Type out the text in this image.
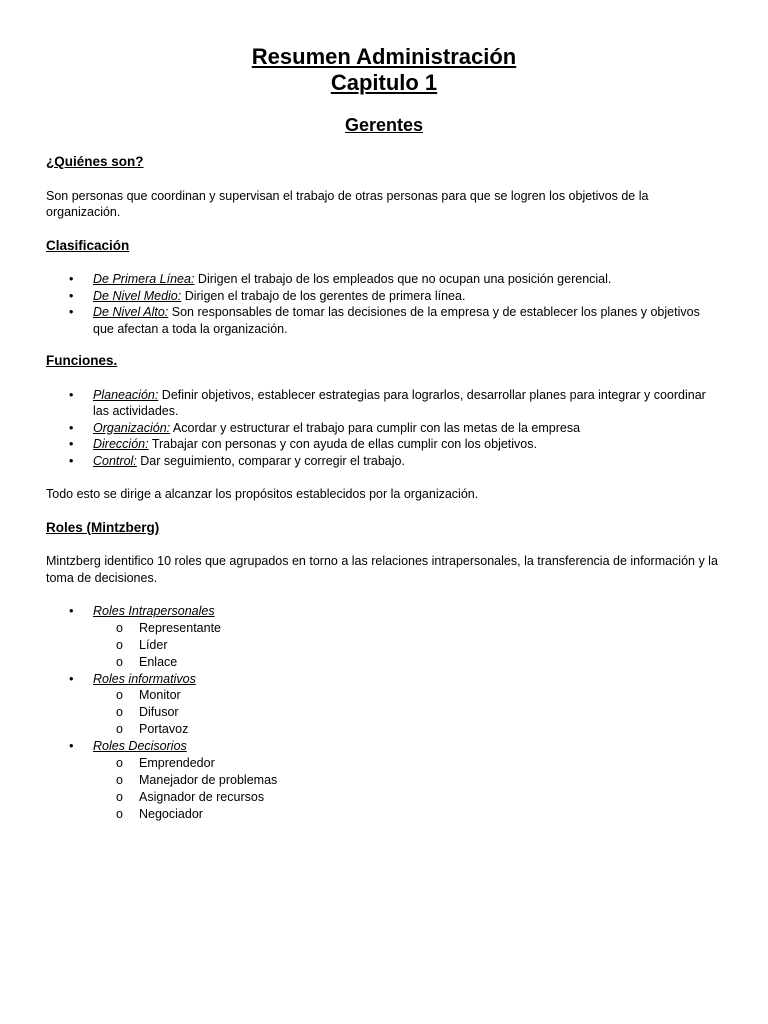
Resumen Administración
Capitulo 1
Gerentes
¿Quiénes son?

Son personas que coordinan y supervisan el trabajo de otras personas para que se logren los objetivos de la organización.

Clasificación
• De Primera Línea: Dirigen el trabajo de los empleados que no ocupan una posición gerencial.
• De Nivel Medio: Dirigen el trabajo de los gerentes de primera línea.
• De Nivel Alto: Son responsables de tomar las decisiones de la empresa y de establecer los planes y objetivos que afectan a toda la organización.
Funciones.
• Planeación: Definir objetivos, establecer estrategias para lograrlos, desarrollar planes para integrar y coordinar las actividades.
• Organización: Acordar y estructurar el trabajo para cumplir con las metas de la empresa
• Dirección: Trabajar con personas y con ayuda de ellas cumplir con los objetivos.
• Control: Dar seguimiento, comparar y corregir el trabajo.

Todo esto se dirige a alcanzar los propósitos establecidos por la organización.

Roles (Mintzberg)

Mintzberg identifico 10 roles que agrupados en torno a las relaciones intrapersonales, la transferencia de información y la toma de decisiones.

• Roles Intrapersonales
o Representante
o Líder
o Enlace
• Roles informativos
o Monitor
o Difusor
o Portavoz
• Roles Decisorios
o Emprendedor
o Manejador de problemas
o Asignador de recursos
o Negociador
